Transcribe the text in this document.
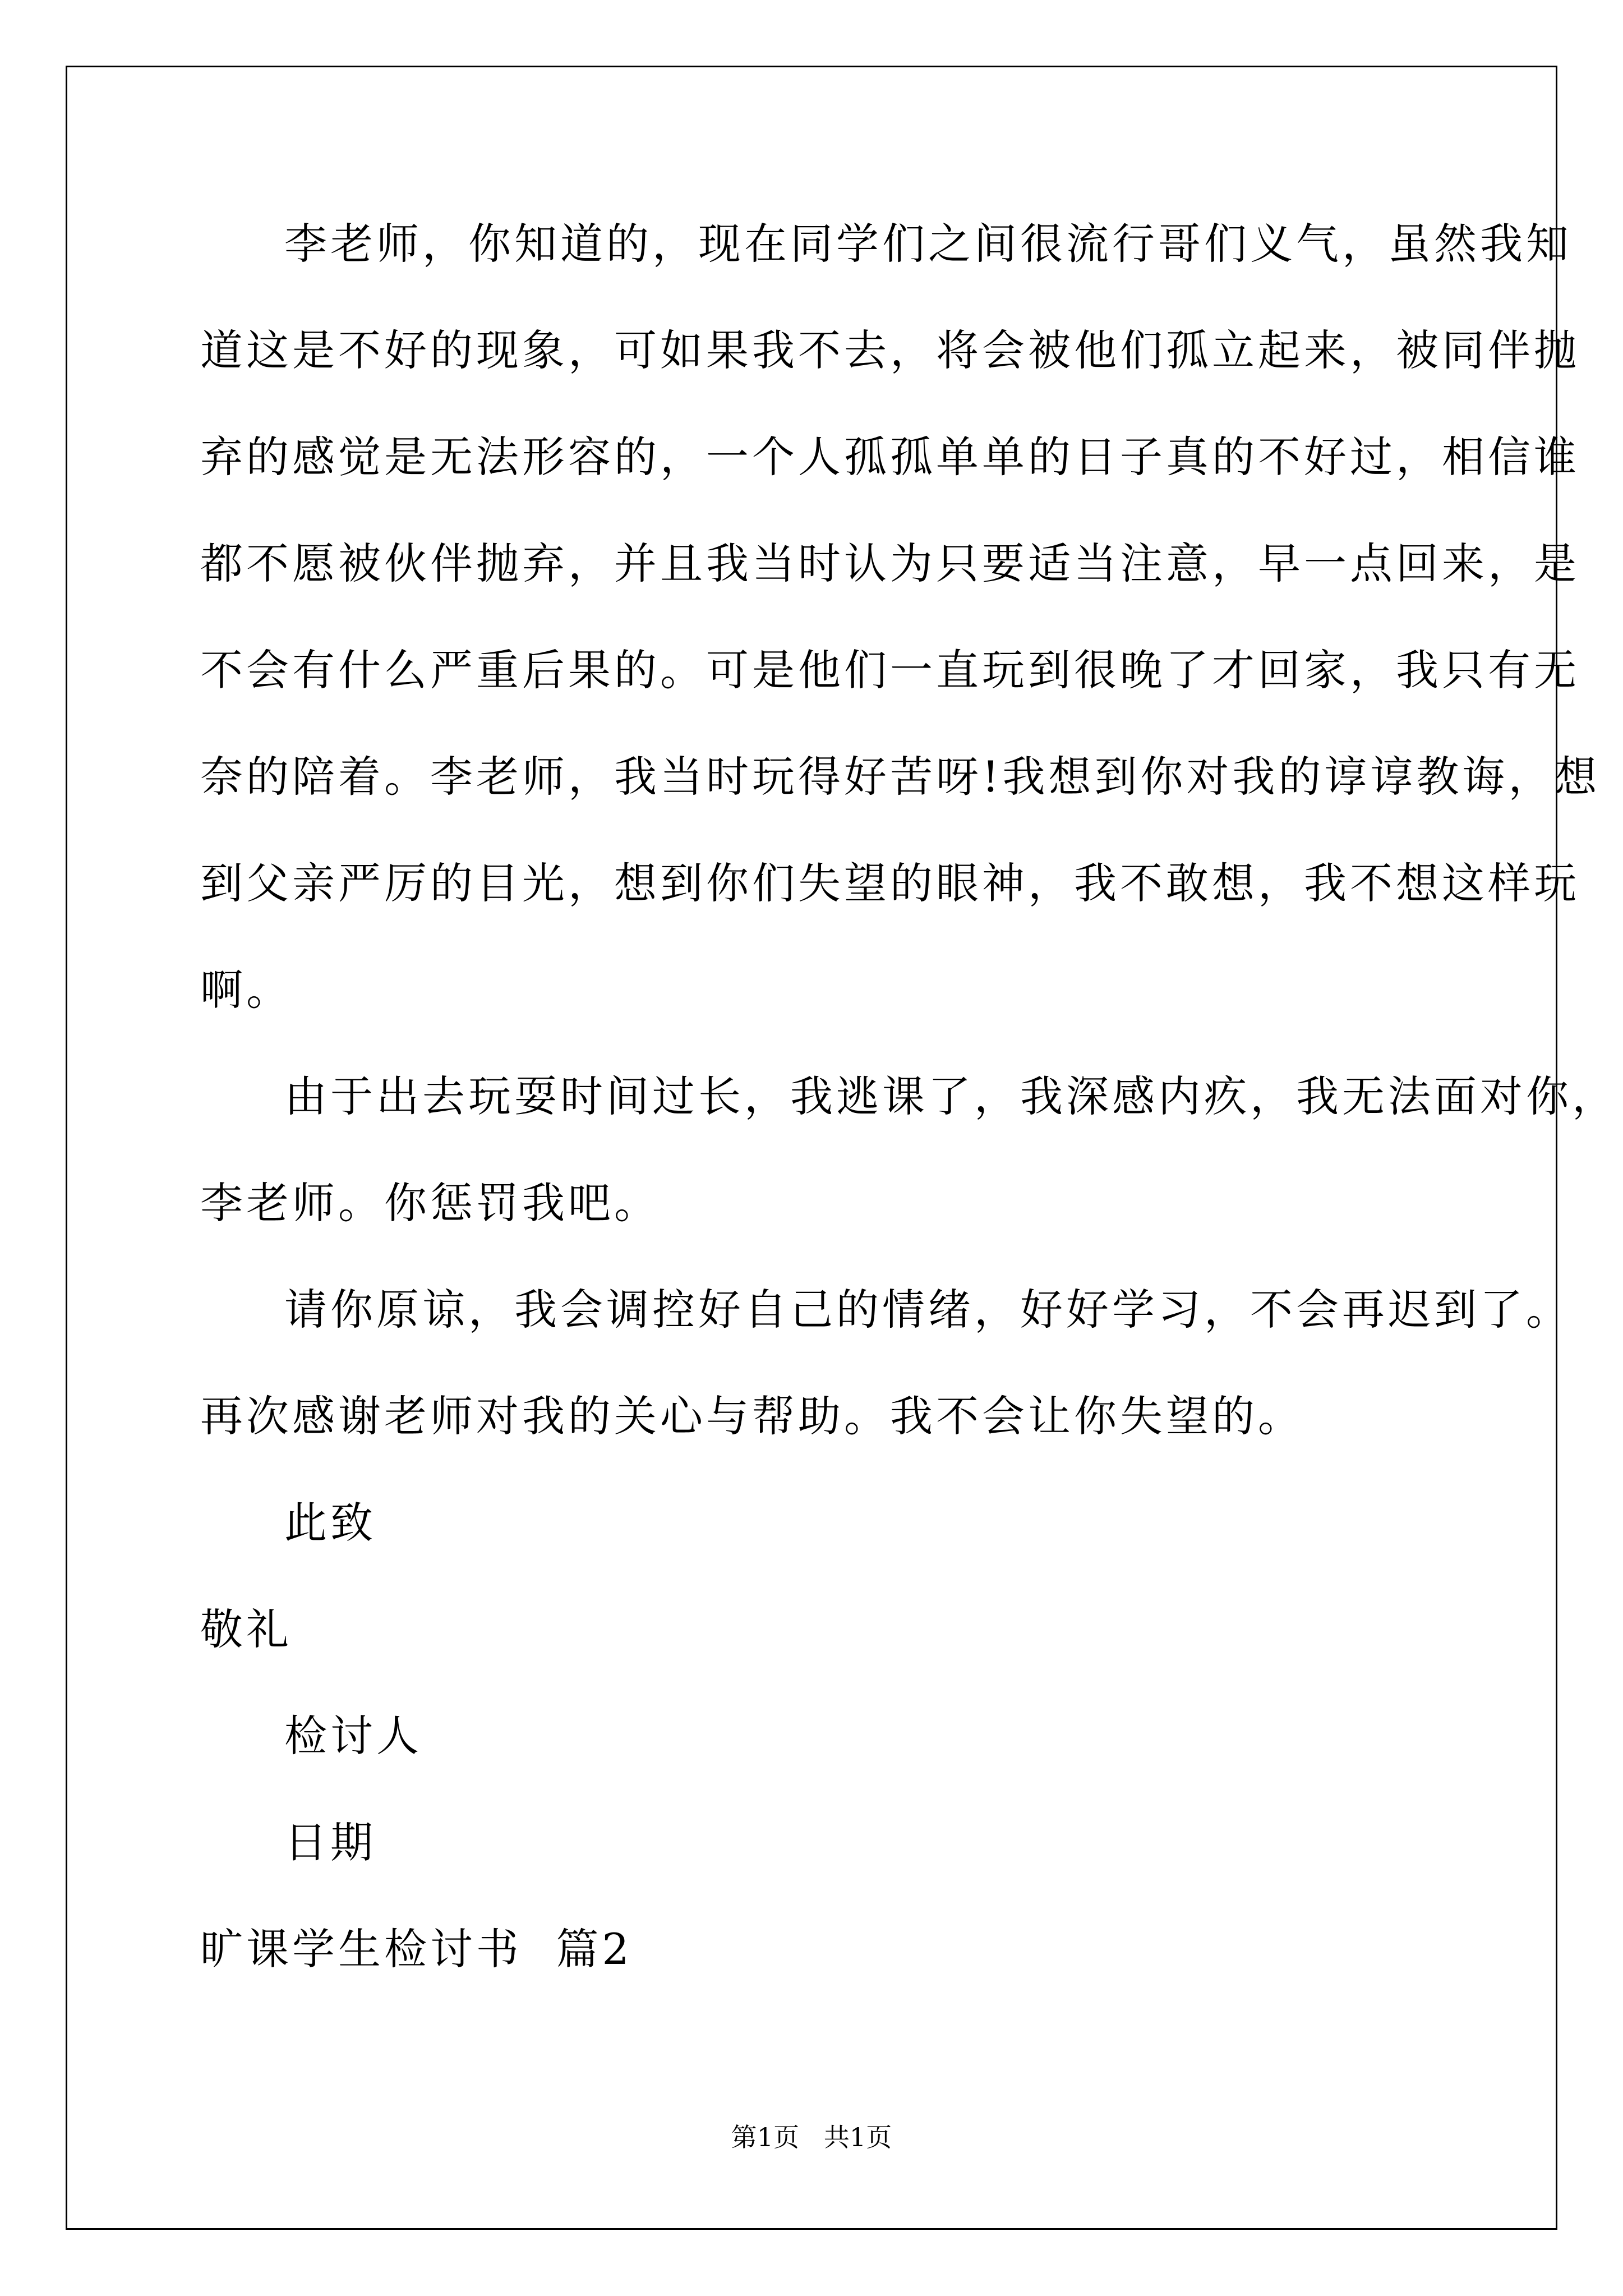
李老师，你知道的，现在同学们之间很流行哥们义气，虽然我知
道这是不好的现象，可如果我不去，将会被他们孤立起来，被同伴抛
弃的感觉是无法形容的，一个人孤孤单单的日子真的不好过，相信谁
都不愿被伙伴抛弃，并且我当时认为只要适当注意，早一点回来，是
不会有什么严重后果的。可是他们一直玩到很晚了才回家，我只有无
奈的陪着。李老师，我当时玩得好苦呀!我想到你对我的谆谆教诲，想
到父亲严厉的目光，想到你们失望的眼神，我不敢想，我不想这样玩
啊。
由于出去玩耍时间过长，我逃课了，我深感内疚，我无法面对你，
李老师。你惩罚我吧。
请你原谅，我会调控好自己的情绪，好好学习，不会再迟到了。
再次感谢老师对我的关心与帮助。我不会让你失望的。
此致
敬礼
检讨人
日期
旷课学生检讨书  篇2
第1页   共1页
